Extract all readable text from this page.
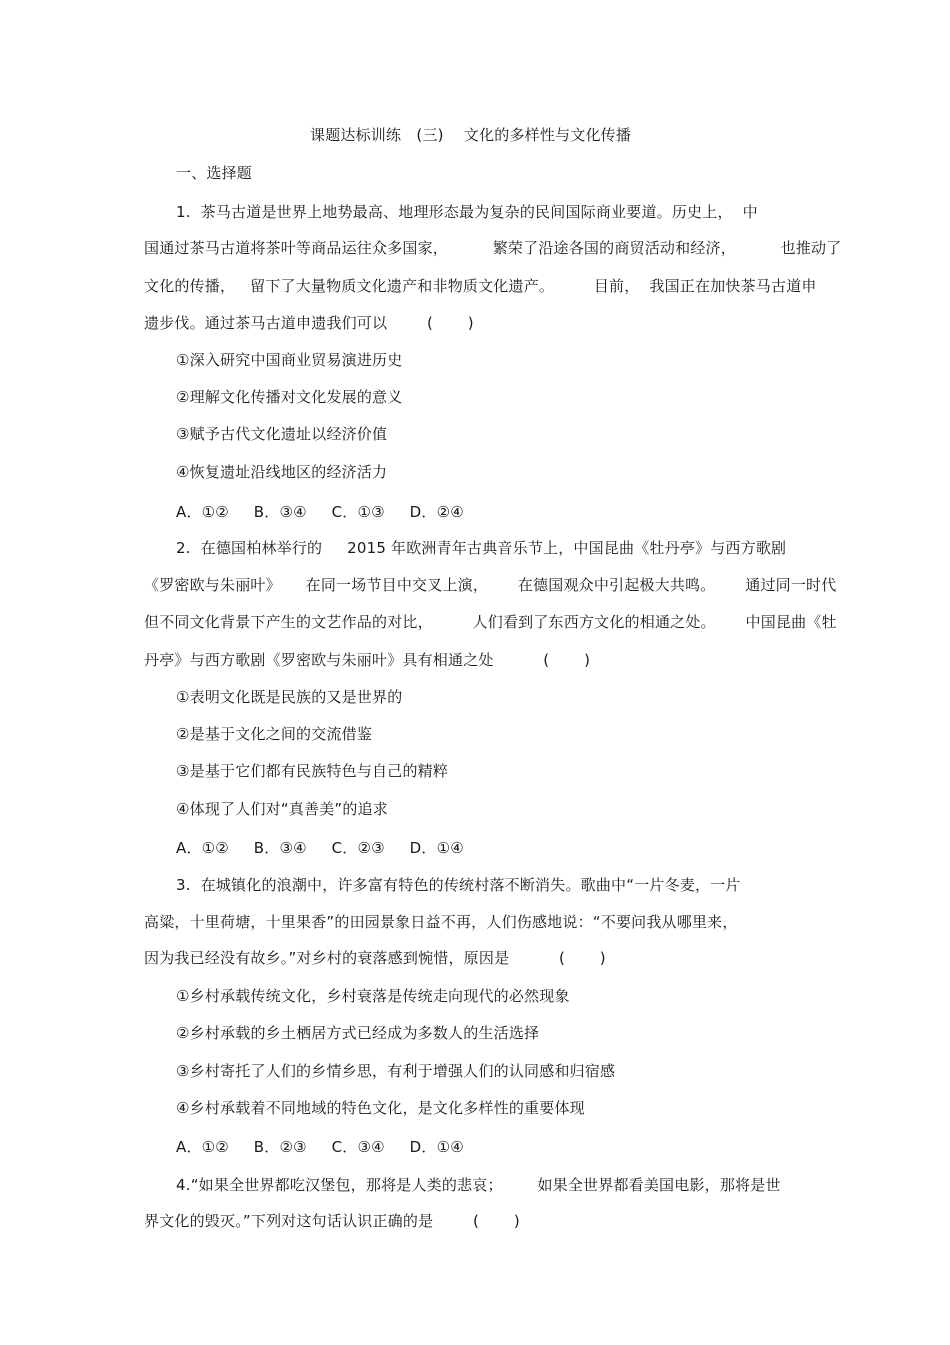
课题达标训练　(三)　 文化的多样性与文化传播
一、选择题
1.  茶马古道是世界上地势最高、地理形态最为复杂的民间国际商业要道。历史上，  中
国通过茶马古道将茶叶等商品运往众多国家，         繁荣了沿途各国的商贸活动和经济，         也推动了
文化的传播，   留下了大量物质文化遗产和非物质文化遗产。        目前，  我国正在加快茶马古道申
遗步伐。通过茶马古道申遗我们可以        (       )
①深入研究中国商业贸易演进历史
②理解文化传播对文化发展的意义
③赋予古代文化遗址以经济价值
④恢复遗址沿线地区的经济活力
A．①②     B．③④     C．①③     D．②④
2.  在德国柏林举行的     2015 年欧洲青年古典音乐节上，中国昆曲《牡丹亭》与西方歌剧
《罗密欧与朱丽叶》     在同一场节目中交叉上演，      在德国观众中引起极大共鸣。      通过同一时代
但不同文化背景下产生的文艺作品的对比，        人们看到了东西方文化的相通之处。      中国昆曲《牡
丹亭》与西方歌剧《罗密欧与朱丽叶》具有相通之处          (       )
①表明文化既是民族的又是世界的
②是基于文化之间的交流借鉴
③是基于它们都有民族特色与自己的精粹
④体现了人们对“真善美”的追求
A．①②     B．③④     C．②③     D．①④
3.  在城镇化的浪潮中，许多富有特色的传统村落不断消失。歌曲中“一片冬麦，一片
高粱，十里荷塘，十里果香”的田园景象日益不再，人们伤感地说：“不要问我从哪里来，
因为我已经没有故乡。”对乡村的衰落感到惋惜，原因是          (       )
①乡村承载传统文化，乡村衰落是传统走向现代的必然现象
②乡村承载的乡土栖居方式已经成为多数人的生活选择
③乡村寄托了人们的乡情乡思，有利于增强人们的认同感和归宿感
④乡村承载着不同地域的特色文化，是文化多样性的重要体现
A．①②     B．②③     C．③④     D．①④
4.“如果全世界都吃汉堡包，那将是人类的悲哀；       如果全世界都看美国电影，那将是世
界文化的毁灭。”下列对这句话认识正确的是        (       )
